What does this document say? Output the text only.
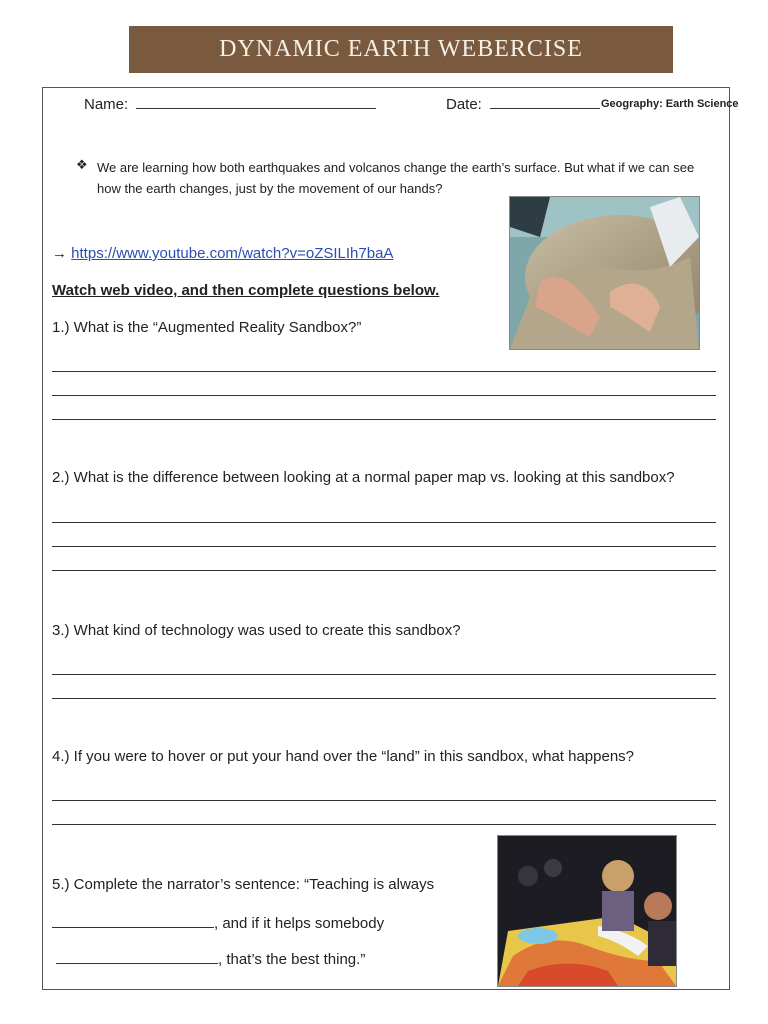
DYNAMIC EARTH WEBERCISE
Name:	Date:	Geography: Earth Science
❖ We are learning how both earthquakes and volcanos change the earth’s surface. But what if we can see how the earth changes, just by the movement of our hands?
→ https://www.youtube.com/watch?v=oZSILIh7baA
Watch web video, and then complete questions below.
1.) What is the “Augmented Reality Sandbox?”
2.) What is the difference between looking at a normal paper map vs. looking at this sandbox?
3.) What kind of technology was used to create this sandbox?
4.) If you were to hover or put your hand over the “land” in this sandbox, what happens?
5.) Complete the narrator’s sentence: “Teaching is always
, and if it helps somebody
, that’s the best thing.”
